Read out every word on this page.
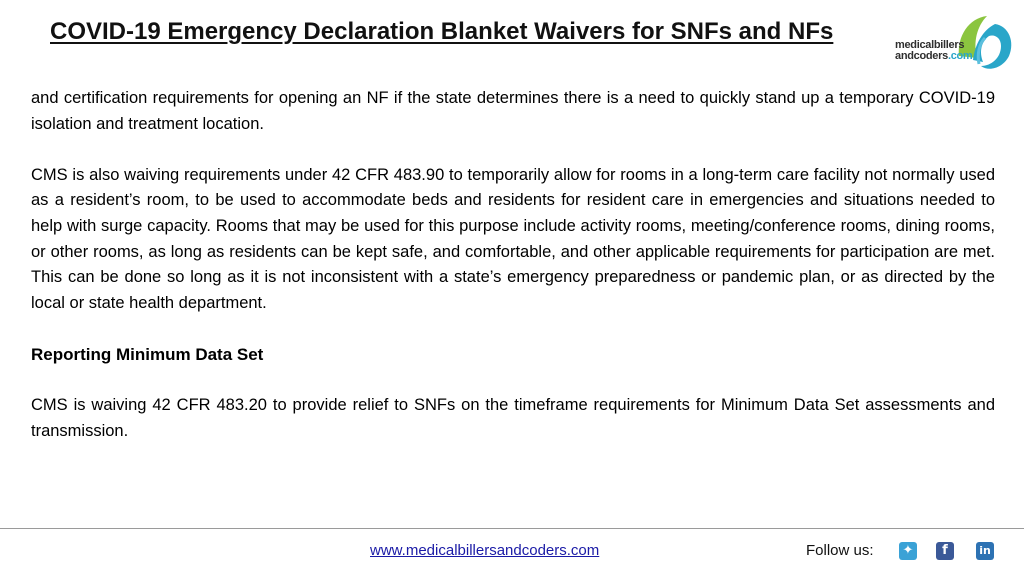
COVID-19 Emergency Declaration Blanket Waivers for SNFs and NFs	medicalbillers
andcoders.com

and certification requirements for opening an NF if the state determines there is a need to quickly stand up a temporary COVID-19 isolation and treatment location.

CMS is also waiving requirements under 42 CFR 483.90 to temporarily allow for rooms in a long-term care facility not normally used as a resident’s room, to be used to accommodate beds and residents for resident care in emergencies and situations needed to help with surge capacity. Rooms that may be used for this purpose include activity rooms, meeting/conference rooms, dining rooms, or other rooms, as long as residents can be kept safe, and comfortable, and other applicable requirements for participation are met. This can be done so long as it is not inconsistent with a state’s emergency preparedness or pandemic plan, or as directed by the local or state health department.

Reporting Minimum Data Set

CMS is waiving 42 CFR 483.20 to provide relief to SNFs on the timeframe requirements for Minimum Data Set assessments and transmission.

www.medicalbillersandcoders.com	Follow us: ✦	f	in
